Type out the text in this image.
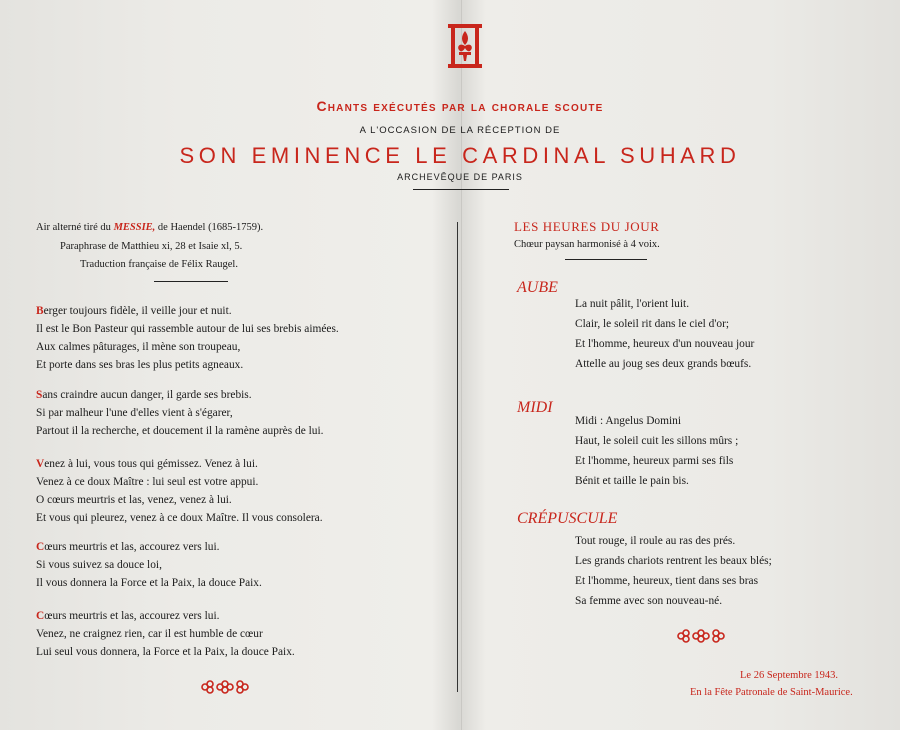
Chants exécutés par la chorale scoute
A L'OCCASION DE LA RÉCEPTION DE
SON EMINENCE LE CARDINAL SUHARD
ARCHEVÊQUE DE PARIS
Air alterné tiré du MESSIE, de Haendel (1685-1759).
Paraphrase de Matthieu xi, 28 et Isaie xl, 5.
Traduction française de Félix Raugel.
Berger toujours fidèle, il veille jour et nuit.
Il est le Bon Pasteur qui rassemble autour de lui ses brebis aimées.
Aux calmes pâturages, il mène son troupeau,
Et porte dans ses bras les plus petits agneaux.
Sans craindre aucun danger, il garde ses brebis.
Si par malheur l'une d'elles vient à s'égarer,
Partout il la recherche, et doucement il la ramène auprès de lui.
Venez à lui, vous tous qui gémissez. Venez à lui.
Venez à ce doux Maître : lui seul est votre appui.
O cœurs meurtris et las, venez, venez à lui.
Et vous qui pleurez, venez à ce doux Maître. Il vous consolera.
Cœurs meurtris et las, accourez vers lui.
Si vous suivez sa douce loi,
Il vous donnera la Force et la Paix, la douce Paix.
Cœurs meurtris et las, accourez vers lui.
Venez, ne craignez rien, car il est humble de cœur
Lui seul vous donnera, la Force et la Paix, la douce Paix.
LES HEURES DU JOUR
Chœur paysan harmonisé à 4 voix.
AUBE
La nuit pâlit, l'orient luit.
Clair, le soleil rit dans le ciel d'or;
Et l'homme, heureux d'un nouveau jour
Attelle au joug ses deux grands bœufs.
MIDI
Midi : Angelus Domini
Haut, le soleil cuit les sillons mûrs ;
Et l'homme, heureux parmi ses fils
Bénit et taille le pain bis.
CRÉPUSCULE
Tout rouge, il roule au ras des prés.
Les grands chariots rentrent les beaux blés;
Et l'homme, heureux, tient dans ses bras
Sa femme avec son nouveau-né.
Le 26 Septembre 1943.
En la Fête Patronale de Saint-Maurice.
